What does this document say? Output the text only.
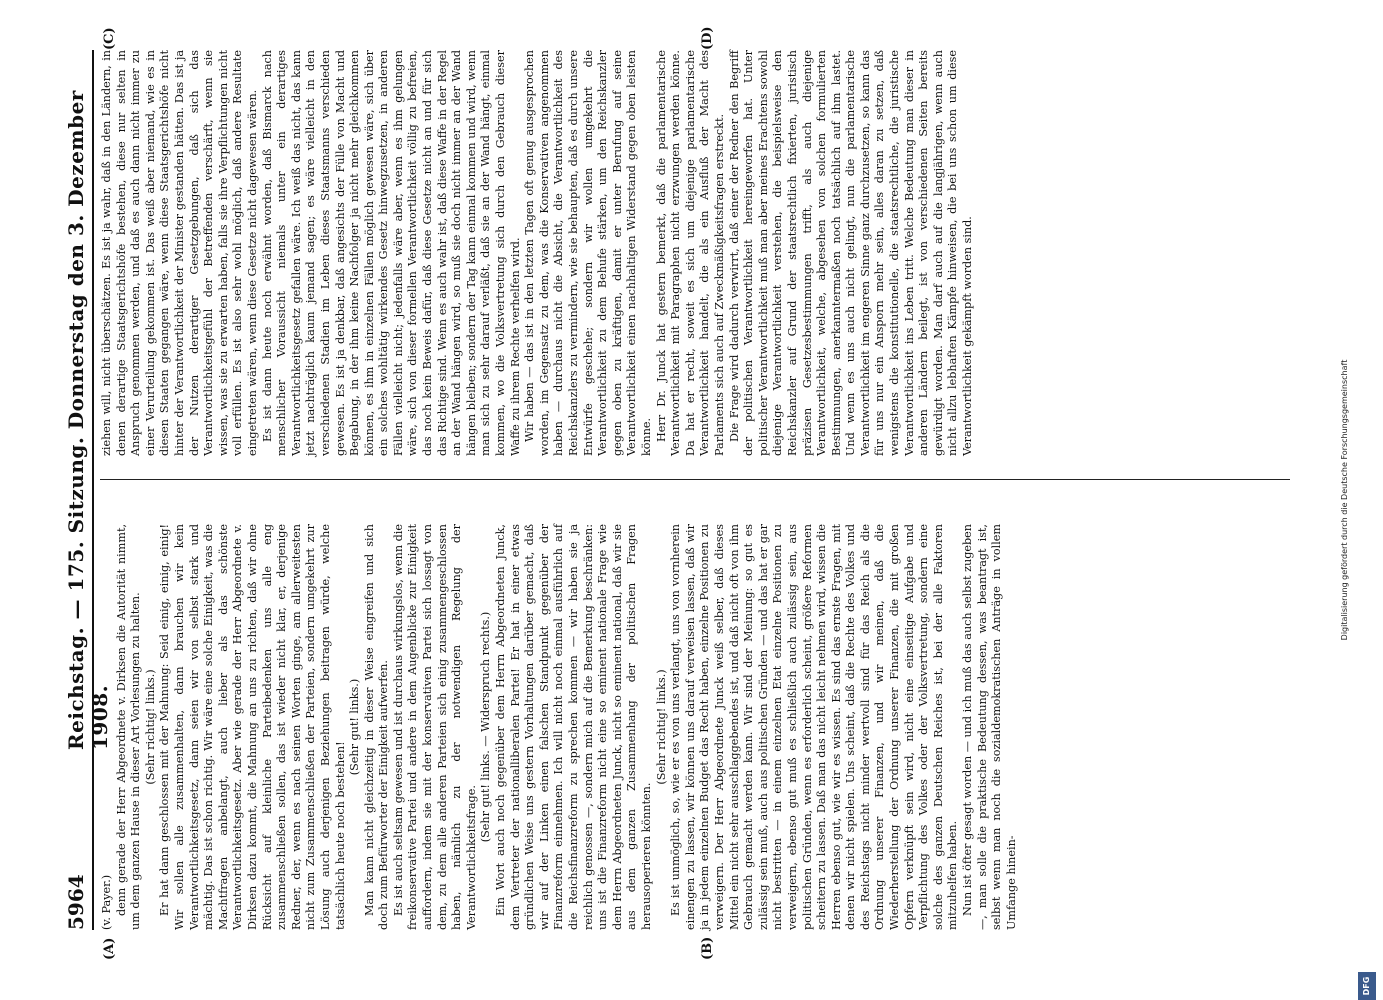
5964
Reichstag. — 175. Sitzung. Donnerstag den 3. Dezember 1908.
(A)	(B)
(C)	(D)

(v. Payer.) denn gerade der Herr Abgeordnete v. Dirksen die Autorität nimmt, um dem ganzen Hause in dieser Art Vorlesungen zu halten. (Sehr richtig! links.) Er hat dann geschlossen mit der Mahnung: Seid einig, einig, einig! Wir sollen alle zusammenhalten, dann brauchen wir kein Verantwortlichkeitsgesetz, dann seien wir von selbst stark und mächtig. Das ist schon richtig. Wir wäre eine solche Einigkeit, was die Machtfragen anbelangt, auch lieber als das schönste Verantwortlichkeitsgesetz. Aber wie gerade der Herr Abgeordnete v. Dirksen dazu kommt, die Mahnung an uns zu richten, daß wir ohne Rücksicht auf kleinliche Parteibedenken uns alle eng zusammenschließen sollen, das ist wieder nicht klar, er, derjenige Redner, der, wenn es nach seinen Worten ginge, am allerweitesten nicht zum Zusammenschließen der Parteien, sondern umgekehrt zur Lösung auch derjenigen Beziehungen beitragen würde, welche tatsächlich heute noch bestehen!

(Sehr gut! links.) Man kann nicht gleichzeitig in dieser Weise eingreifen und sich doch zum Befürworter der Einigkeit aufwerfen. Es ist auch seltsam gewesen und ist durchaus wirkungslos, wenn die freikonservative Partei und andere in dem Augenblicke zur Einigkeit auffordern, indem sie mit der konservativen Partei sich lossagt von dem, zu dem alle anderen Parteien sich einig zusammengeschlossen haben, nämlich zu der notwendigen Regelung der Verantwortlichkeitsfrage.

(Sehr gut! links. — Widerspruch rechts.) Ein Wort auch noch gegenüber dem Herrn Abgeordneten Junck, dem Vertreter der nationalliberalen Partei! Er hat in einer etwas gründlichen Weise uns gestern Vorhaltungen darüber gemacht, daß wir auf der Linken einen falschen Standpunkt gegenüber der Finanzreform einnehmen. Ich will nicht noch einmal ausführlich auf die Reichsfinanzreform zu sprechen kommen — wir haben sie ja reichlich genossen —, sondern mich auf die Bemerkung beschränken: uns ist die Finanzreform nicht eine so eminent nationale Frage wie dem Herrn Abgeordneten Junck, nicht so eminent national, daß wir sie aus dem ganzen Zusammenhang der politischen Fragen herausoperieren könnten.

(Sehr richtig! links.) Es ist unmöglich, so, wie er es von uns verlangt, uns von vornherein einengen zu lassen, wir können uns darauf verweisen lassen, daß wir ja in jedem einzelnen Budget das Recht haben, einzelne Positionen zu verweigern. Der Herr Abgeordnete Junck weiß selber, daß dieses Mittel ein nicht sehr ausschlaggebendes ist, und daß nicht oft von ihm Gebrauch gemacht werden kann. Wir sind der Meinung: so gut es zulässig sein muß, auch aus politischen Gründen — und das hat er gar nicht bestritten — in einem einzelnen Etat einzelne Positionen zu verweigern, ebenso gut muß es schließlich auch zulässig sein, aus politischen Gründen, wenn es erforderlich scheint, größere Reformen scheitern zu lassen. Daß man das nicht leicht nehmen wird, wissen die Herren ebenso gut, wie wir es wissen. Es sind das ernste Fragen, mit denen wir nicht spielen. Uns scheint, daß die Rechte des Volkes und des Reichstags nicht minder wertvoll sind für das Reich als die Ordnung unserer Finanzen, und wir meinen, daß die Wiederherstellung der Ordnung unserer Finanzen, die mit großen Opfern verknüpft sein wird, nicht eine einseitige Aufgabe und Verpflichtung des Volkes oder der Volksvertretung, sondern eine solche des ganzen Deutschen Reiches ist, bei der alle Faktoren mitzuhelfen haben. Nun ist öfter gesagt worden — und ich muß das auch selbst zugeben —, man solle die praktische Bedeutung dessen, was beantragt ist, selbst wenn man noch die sozialdemokratischen Anträge in vollem Umfange hinein-

ziehen will, nicht überschätzen. Es ist ja wahr, daß in den Ländern, in denen derartige Staatsgerichtshöfe bestehen, diese nur selten in Anspruch genommen werden, und daß es auch dann nicht immer zu einer Verurteilung gekommen ist. Das weiß aber niemand, wie es in diesen Staaten gegangen wäre, wenn diese Staatsgerichtshöfe nicht hinter der Verantwortlichkeit der Minister gestanden hätten. Das ist ja der Nutzen derartiger Gesetzgebungen, daß sich das Verantwortlichkeitsgefühl der Betreffenden verschärft, wenn sie wissen, was sie zu erwarten haben, falls sie ihre Verpflichtungen nicht voll erfüllen. Es ist also sehr wohl möglich, daß andere Resultate eingetreten wären, wenn diese Gesetze nicht dagewesen wären. Es ist dann heute noch erwähnt worden, daß Bismarck nach menschlicher Voraussicht niemals unter ein derartiges Verantwortlichkeitsgesetz gefallen wäre. Ich weiß das nicht, das kann jetzt nachträglich kaum jemand sagen; es wäre vielleicht in den verschiedenen Stadien im Leben dieses Staatsmanns verschieden gewesen. Es ist ja denkbar, daß angesichts der Fülle von Macht und Begabung, in der ihm keine Nachfolger ja nicht mehr gleichkommen können, es ihm in einzelnen Fällen möglich gewesen wäre, sich über ein solches wohltätig wirkendes Gesetz hinwegzusetzen, in anderen Fällen vielleicht nicht; jedenfalls wäre aber, wenn es ihm gelungen wäre, sich von dieser formellen Verantwortlichkeit völlig zu befreien, das noch kein Beweis dafür, daß diese Gesetze nicht an und für sich das Richtige sind. Wenn es auch wahr ist, daß diese Waffe in der Regel an der Wand hängen wird, so muß sie doch nicht immer an der Wand hängen bleiben; sondern der Tag kann einmal kommen und wird, wenn man sich zu sehr darauf verläßt, daß sie an der Wand hängt, einmal kommen, wo die Volksvertretung sich durch den Gebrauch dieser Waffe zu ihrem Rechte verhelfen wird. Wir haben — das ist in den letzten Tagen oft genug ausgesprochen worden, im Gegensatz zu dem, was die Konservativen angenommen haben — durchaus nicht die Absicht, die Verantwortlichkeit des Reichskanzlers zu vermindern, wie sie behaupten, daß es durch unsere Entwürfe geschehe; sondern wir wollen umgekehrt die Verantwortlichkeit zu dem Behufe stärken, um den Reichskanzler gegen oben zu kräftigen, damit er unter Berufung auf seine Verantwortlichkeit einen nachhaltigen Widerstand gegen oben leisten könne. Herr Dr. Junck hat gestern bemerkt, daß die parlamentarische Verantwortlichkeit mit Paragraphen nicht erzwungen werden könne. Da hat er recht, soweit es sich um diejenige parlamentarische Verantwortlichkeit handelt, die als ein Ausfluß der Macht des Parlaments sich auch auf Zweckmäßigkeitsfragen erstreckt. Die Frage wird dadurch verwirrt, daß einer der Redner den Begriff der politischen Verantwortlichkeit hereingeworfen hat. Unter politischer Verantwortlichkeit muß man aber meines Erachtens sowohl diejenige Verantwortlichkeit verstehen, die beispielsweise den Reichskanzler auf Grund der staatsrechtlich fixierten, juristisch präzisen Gesetzesbestimmungen trifft, als auch diejenige Verantwortlichkeit, welche, abgesehen von solchen formulierten Bestimmungen, anerkanntermaßen noch tatsächlich auf ihm lastet. Und wenn es uns auch nicht gelingt, nun die parlamentarische Verantwortlichkeit im engeren Sinne ganz durchzusetzen, so kann das für uns nur ein Ansporn mehr sein, alles daran zu setzen, daß wenigstens die konstitutionelle, die staatsrechtliche, die juristische Verantwortlichkeit ins Leben tritt. Welche Bedeutung man dieser in anderen Ländern beilegt, ist von verschiedenen Seiten bereits gewürdigt worden. Man darf auch auf die langjährigen, wenn auch nicht allzu lebhaften Kämpfe hinweisen, die bei uns schon um diese Verantwortlichkeit gekämpft worden sind.

Digitalisierung gefördert durch die Deutsche Forschungsgemeinschaft
DFG
